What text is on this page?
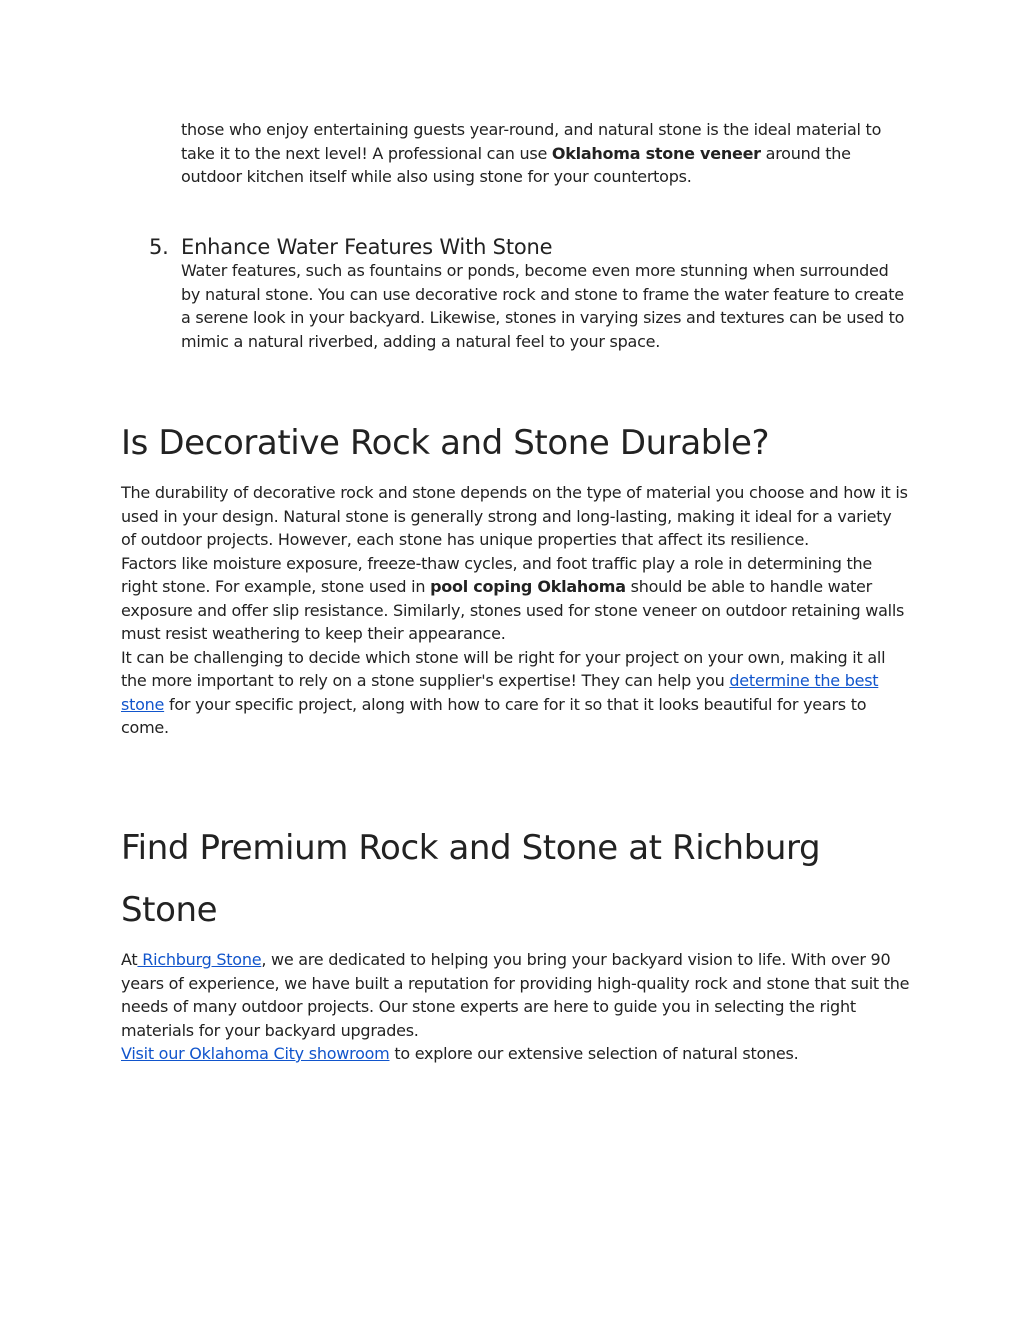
those who enjoy entertaining guests year-round, and natural stone is the ideal material to take it to the next level! A professional can use Oklahoma stone veneer around the outdoor kitchen itself while also using stone for your countertops.

5. Enhance Water Features With Stone

Water features, such as fountains or ponds, become even more stunning when surrounded by natural stone. You can use decorative rock and stone to frame the water feature to create a serene look in your backyard. Likewise, stones in varying sizes and textures can be used to mimic a natural riverbed, adding a natural feel to your space.

Is Decorative Rock and Stone Durable?

The durability of decorative rock and stone depends on the type of material you choose and how it is used in your design. Natural stone is generally strong and long-lasting, making it ideal for a variety of outdoor projects. However, each stone has unique properties that affect its resilience.

Factors like moisture exposure, freeze-thaw cycles, and foot traffic play a role in determining the right stone. For example, stone used in pool coping Oklahoma should be able to handle water exposure and offer slip resistance. Similarly, stones used for stone veneer on outdoor retaining walls must resist weathering to keep their appearance.

It can be challenging to decide which stone will be right for your project on your own, making it all the more important to rely on a stone supplier's expertise! They can help you determine the best stone for your specific project, along with how to care for it so that it looks beautiful for years to come.

Find Premium Rock and Stone at Richburg Stone

At Richburg Stone, we are dedicated to helping you bring your backyard vision to life. With over 90 years of experience, we have built a reputation for providing high-quality rock and stone that suit the needs of many outdoor projects. Our stone experts are here to guide you in selecting the right materials for your backyard upgrades.

Visit our Oklahoma City showroom to explore our extensive selection of natural stones.
